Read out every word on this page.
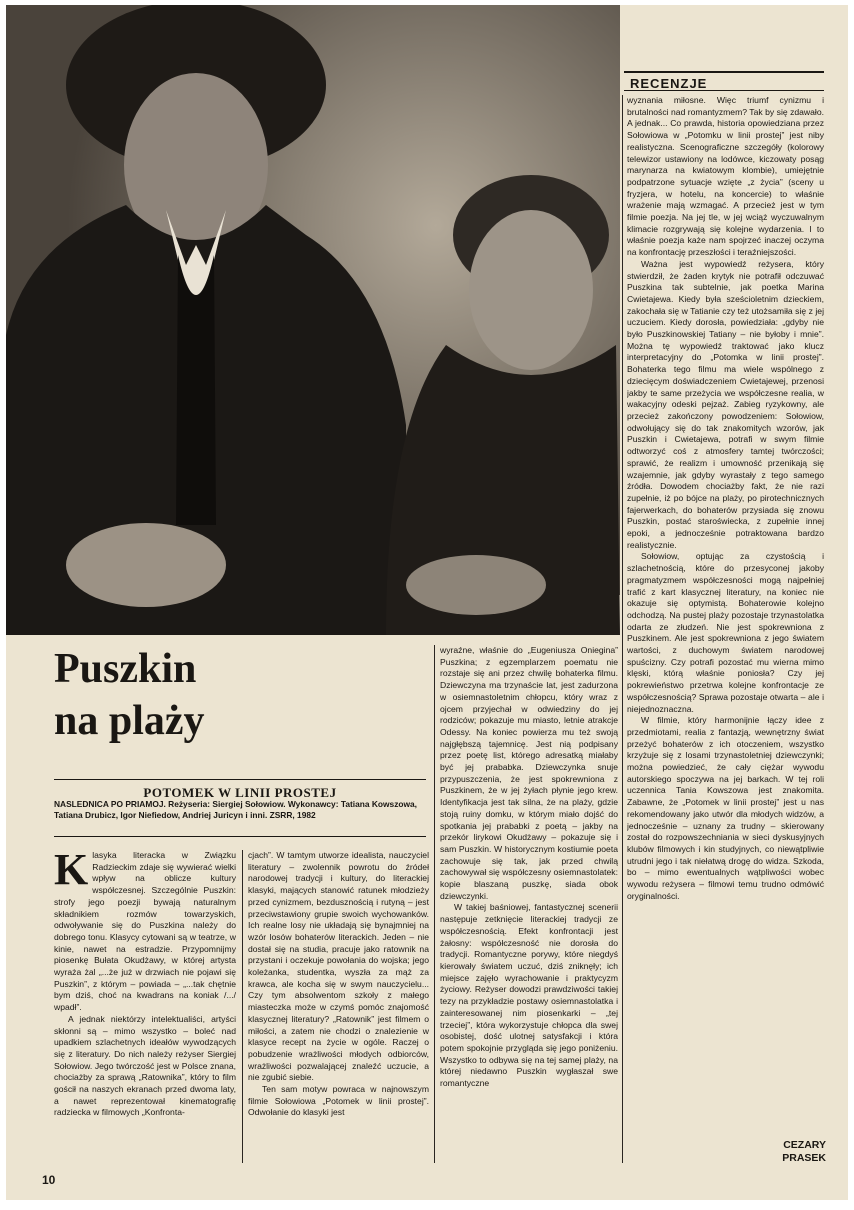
RECENZJE
Puszkin
na plaży
POTOMEK W LINII PROSTEJ
NASLEDNICA PO PRIAMOJ. Reżyseria: Siergiej Sołowiow. Wykonawcy: Tatiana Kowszowa, Tatiana Drubicz, Igor Niefiedow, Andriej Juricyn i inni. ZSRR, 1982
K lasyka literacka w Związku Radzieckim zdaje się wywierać wielki wpływ na oblicze kultury współczesnej. Szczególnie Puszkin: strofy jego poezji bywają naturalnym składnikiem rozmów towarzyskich, odwoływanie się do Puszkina należy do dobrego tonu. Klasycy cytowani są w teatrze, w kinie, nawet na estradzie. Przypomnijmy piosenkę Bułata Okudżawy, w której artysta wyraża żal „...że już w drzwiach nie pojawi się Puszkin”, z którym – powiada – „...tak chętnie bym dziś, choć na kwadrans na koniak /.../ wpadł”.

A jednak niektórzy intelektualiści, artyści skłonni są – mimo wszystko – boleć nad upadkiem szlachetnych ideałów wywodzących się z literatury. Do nich należy reżyser Siergiej Sołowiow. Jego twórczość jest w Polsce znana, chociażby za sprawą „Ratownika”, który to film gościł na naszych ekranach przed dwoma laty, a nawet reprezentował kinematografię radziecka w filmowych „Konfronta-

cjach”. W tamtym utworze idealista, nauczyciel literatury – zwolennik powrotu do źródeł narodowej tradycji i kultury, do literackiej klasyki, mających stanowić ratunek młodzieży przed cynizmem, bezdusznością i rutyną – jest przeciwstawiony grupie swoich wychowanków. Ich realne losy nie układają się bynajmniej na wzór losów bohaterów literackich. Jeden – nie dostał się na studia, pracuje jako ratownik na przystani i oczekuje powołania do wojska; jego koleżanka, studentka, wyszła za mąż za krawca, ale kocha się w swym nauczycielu... Czy tym absolwentom szkoły z małego miasteczka może w czymś pomóc znajomość klasycznej literatury? „Ratownik” jest filmem o miłości, a zatem nie chodzi o znalezienie w klasyce recept na życie w ogóle. Raczej o pobudzenie wrażliwości młodych odbiorców, wrażliwości pozwalającej znaleźć uczucie, a nie zgubić siebie.

Ten sam motyw powraca w najnowszym filmie Sołowiowa „Potomek w linii prostej”. Odwołanie do klasyki jest

wyraźne, właśnie do „Eugeniusza Oniegina” Puszkina; z egzemplarzem poematu nie rozstaje się ani przez chwilę bohaterka filmu. Dziewczyna ma trzynaście lat, jest zadurzona w osiemnastoletnim chłopcu, który wraz z ojcem przyjechał w odwiedziny do jej rodziców; pokazuje mu miasto, letnie atrakcje Odessy. Na koniec powierza mu też swoją najgłębszą tajemnicę. Jest nią podpisany przez poetę list, którego adresatką miałaby być jej prababka. Dziewczynka snuje przypuszczenia, że jest spokrewniona z Puszkinem, że w jej żyłach płynie jego krew. Identyfikacja jest tak silna, że na plaży, gdzie stoją ruiny domku, w którym miało dojść do spotkania jej prababki z poetą – jakby na przekór lirykowi Okudżawy – pokazuje się i sam Puszkin. W historycznym kostiumie poeta zachowuje się tak, jak przed chwilą zachowywał się współczesny osiemnastolatek: kopie blaszaną puszkę, siada obok dziewczynki.

W takiej baśniowej, fantastycznej scenerii następuje zetknięcie literackiej tradycji ze współczesnością. Efekt konfrontacji jest żałosny: współczesność nie dorosła do tradycji. Romantyczne porywy, które niegdyś kierowały światem uczuć, dziś zniknęły; ich miejsce zajęło wyrachowanie i praktycyzm życiowy. Reżyser dowodzi prawdziwości takiej tezy na przykładzie postawy osiemnastolatka i zainteresowanej nim piosenkarki – „tej trzeciej”, która wykorzystuje chłopca dla swej osobistej, dość ulotnej satysfakcji i która potem spokojnie przygląda się jego poniżeniu. Wszystko to odbywa się na tej samej plaży, na której niedawno Puszkin wygłaszał swe romantyczne

wyznania miłosne. Więc triumf cynizmu i brutalności nad romantyzmem? Tak by się zdawało. A jednak... Co prawda, historia opowiedziana przez Sołowiowa w „Potomku w linii prostej” jest niby realistyczna. Scenograficzne szczegóły (kolorowy telewizor ustawiony na lodówce, kiczowaty posąg marynarza na kwiatowym klombie), umiejętnie podpatrzone sytuacje wzięte „z życia” (sceny u fryzjera, w hotelu, na koncercie) to właśnie wrażenie mają wzmagać. A przecież jest w tym filmie poezja. Na jej tle, w jej wciąż wyczuwalnym klimacie rozgrywają się kolejne wydarzenia. I to właśnie poezja każe nam spojrzeć inaczej oczyma na konfrontację przeszłości i teraźniejszości.

Ważna jest wypowiedź reżysera, który stwierdził, że żaden krytyk nie potrafił odczuwać Puszkina tak subtelnie, jak poetka Marina Cwietajewa. Kiedy była sześcioletnim dzieckiem, zakochała się w Tatianie czy też utożsamiła się z jej uczuciem. Kiedy dorosła, powiedziała: „gdyby nie było Puszkinowskiej Tatiany – nie byłoby i mnie”. Można tę wypowiedź traktować jako klucz interpretacyjny do „Potomka w linii prostej”. Bohaterka tego filmu ma wiele wspólnego z dziecięcym doświadczeniem Cwietajewej, przenosi jakby te same przeżycia we współczesne realia, w wakacyjny odeski pejzaż. Zabieg ryzykowny, ale przecież zakończony powodzeniem: Sołowiow, odwołujący się do tak znakomitych wzorów, jak Puszkin i Cwietajewa, potrafi w swym filmie odtworzyć coś z atmosfery tamtej twórczości; sprawić, że realizm i umowność przenikają się wzajemnie, jak gdyby wyrastały z tego samego źródła. Dowodem chociażby fakt, że nie razi zupełnie, iż po bójce na plaży, po pirotechnicznych fajerwerkach, do bohaterów przysiada się znowu Puszkin, postać staroświecka, z zupełnie innej epoki, a jednocześnie potraktowana bardzo realistycznie.

Sołowiow, optując za czystością i szlachetnością, które do przesyconej jakoby pragmatyzmem współczesności mogą najpełniej trafić z kart klasycznej literatury, na koniec nie okazuje się optymistą. Bohaterowie kolejno odchodzą. Na pustej plaży pozostaje trzynastolatka odarta ze złudzeń. Nie jest spokrewniona z Puszkinem. Ale jest spokrewniona z jego światem wartości, z duchowym światem narodowej spuścizny. Czy potrafi pozostać mu wierna mimo klęski, którą właśnie poniosła? Czy jej pokrewieństwo przetrwa kolejne konfrontacje ze współczesnością? Sprawa pozostaje otwarta – ale i niejednoznaczna.

W filmie, który harmonijnie łączy idee z przedmiotami, realia z fantazją, wewnętrzny świat przeżyć bohaterów z ich otoczeniem, wszystko krzyżuje się z losami trzynastoletniej dziewczynki; można powiedzieć, że cały ciężar wywodu autorskiego spoczywa na jej barkach. W tej roli uczennica Tania Kowszowa jest znakomita. Zabawne, że „Potomek w linii prostej” jest u nas rekomendowany jako utwór dla młodych widzów, a jednocześnie – uznany za trudny – skierowany został do rozpowszechniania w sieci dyskusyjnych klubów filmowych i kin studyjnych, co niewątpliwie utrudni jego i tak niełatwą drogę do widza. Szkoda, bo – mimo ewentualnych wątpliwości wobec wywodu reżysera – filmowi temu trudno odmówić oryginalności.

CEZARY
PRASEK
10
